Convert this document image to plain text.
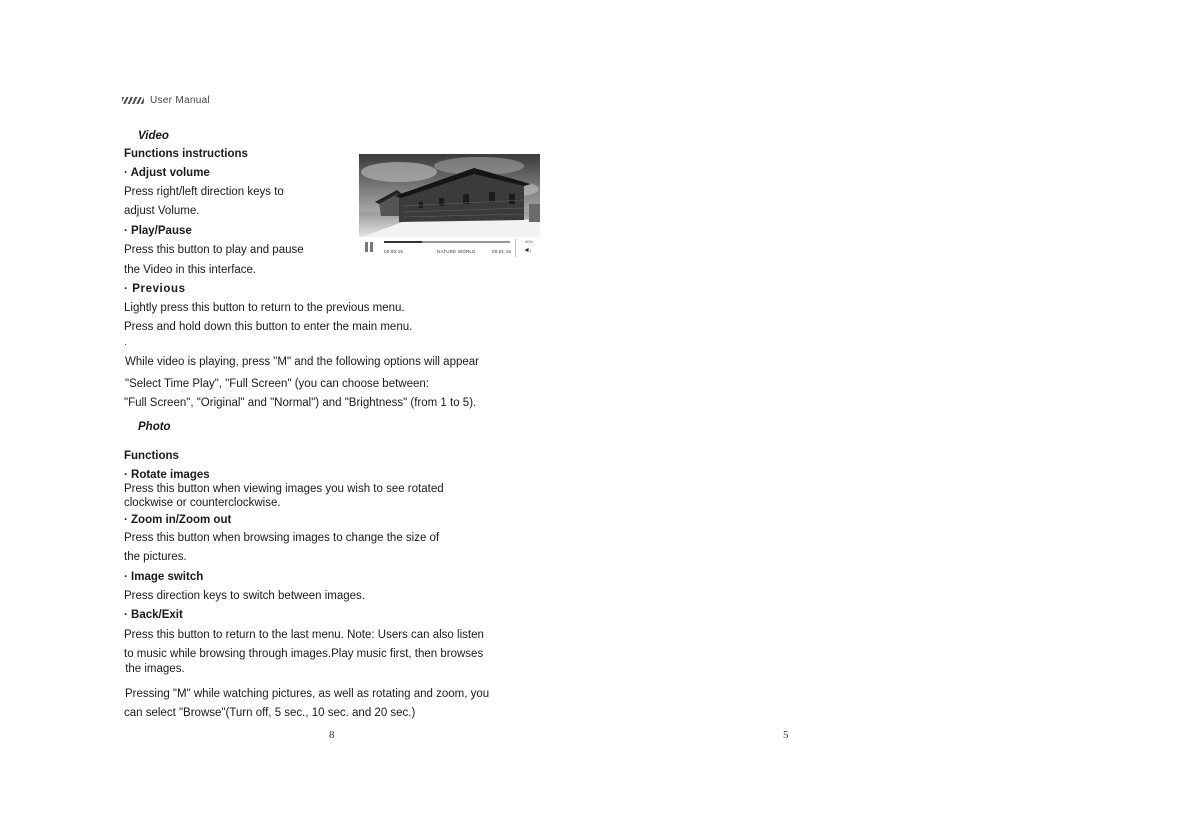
User Manual
Video
Functions instructions
· Adjust volume
Press right/left direction keys to
adjust Volume.
· Play/Pause
Press this button to play and pause
the Video in this interface.
· Previous
Lightly press this button to return to the previous menu.
Press and hold down this button to enter the main menu.
·
While video is playing, press "M" and the following options will appear
"Select Time Play", "Full Screen" (you can choose between:
"Full Screen", "Original" and "Normal") and "Brightness" (from 1 to 5).
00:00:15	NATURE WORLD	00:01:15
40%
◄ᵢ
Photo
Functions
· Rotate images
Press this button when viewing images you wish to see rotated
clockwise or counterclockwise.
· Zoom in/Zoom out
Press this button when browsing images to change the size of
the pictures.
· Image switch
Press direction keys to switch between images.
· Back/Exit
Press this button to return to the last menu. Note: Users can also listen
to music while browsing through images.Play music first, then browses
the images.
Pressing "M" while watching pictures, as well as rotating and zoom, you
can select "Browse"(Turn off, 5 sec., 10 sec. and 20 sec.)
8	5
